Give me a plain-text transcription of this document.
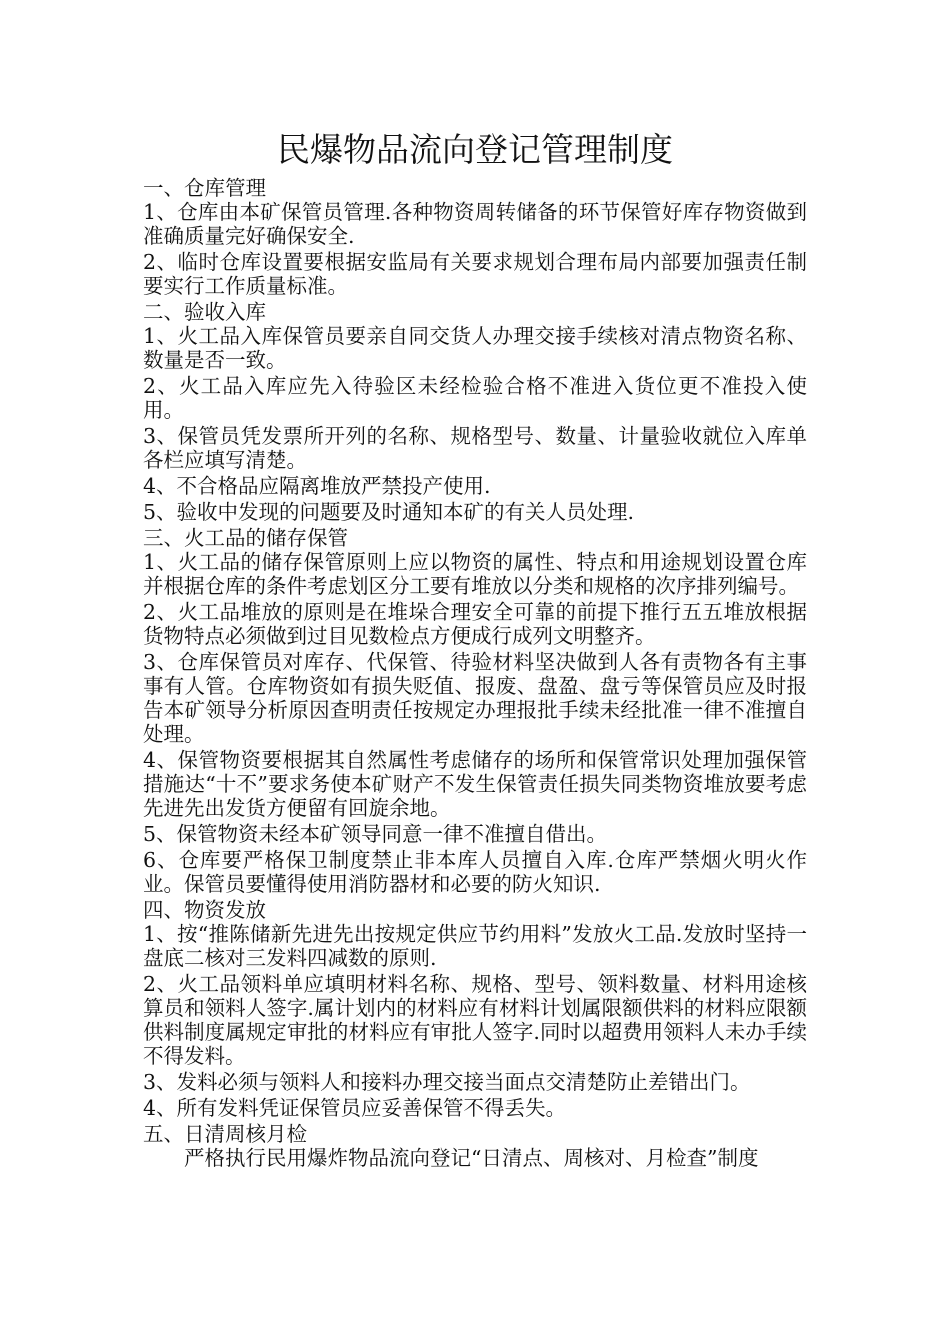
民爆物品流向登记管理制度

一、仓库管理

1、仓库由本矿保管员管理.各种物资周转储备的环节保管好库存物资做到准确质量完好确保安全.

2、临时仓库设置要根据安监局有关要求规划合理布局内部要加强责任制要实行工作质量标准。

二、验收入库

1、火工品入库保管员要亲自同交货人办理交接手续核对清点物资名称、数量是否一致。

2、火工品入库应先入待验区未经检验合格不准进入货位更不准投入使用。

3、保管员凭发票所开列的名称、规格型号、数量、计量验收就位入库单各栏应填写清楚。

4、不合格品应隔离堆放严禁投产使用.

5、验收中发现的问题要及时通知本矿的有关人员处理.

三、火工品的储存保管

1、火工品的储存保管原则上应以物资的属性、特点和用途规划设置仓库并根据仓库的条件考虑划区分工要有堆放以分类和规格的次序排列编号。

2、火工品堆放的原则是在堆垛合理安全可靠的前提下推行五五堆放根据货物特点必须做到过目见数检点方便成行成列文明整齐。

3、仓库保管员对库存、代保管、待验材料坚决做到人各有责物各有主事事有人管。仓库物资如有损失贬值、报废、盘盈、盘亏等保管员应及时报告本矿领导分析原因查明责任按规定办理报批手续未经批准一律不准擅自处理。

4、保管物资要根据其自然属性考虑储存的场所和保管常识处理加强保管措施达“十不”要求务使本矿财产不发生保管责任损失同类物资堆放要考虑先进先出发货方便留有回旋余地。

5、保管物资未经本矿领导同意一律不准擅自借出。

6、仓库要严格保卫制度禁止非本库人员擅自入库.仓库严禁烟火明火作业。保管员要懂得使用消防器材和必要的防火知识.

四、物资发放

1、按“推陈储新先进先出按规定供应节约用料”发放火工品.发放时坚持一盘底二核对三发料四减数的原则.

2、火工品领料单应填明材料名称、规格、型号、领料数量、材料用途核算员和领料人签字.属计划内的材料应有材料计划属限额供料的材料应限额供料制度属规定审批的材料应有审批人签字.同时以超费用领料人未办手续不得发料。

3、发料必须与领料人和接料办理交接当面点交清楚防止差错出门。

4、所有发料凭证保管员应妥善保管不得丢失。

五、日清周核月检

严格执行民用爆炸物品流向登记“日清点、周核对、月检查”制度
